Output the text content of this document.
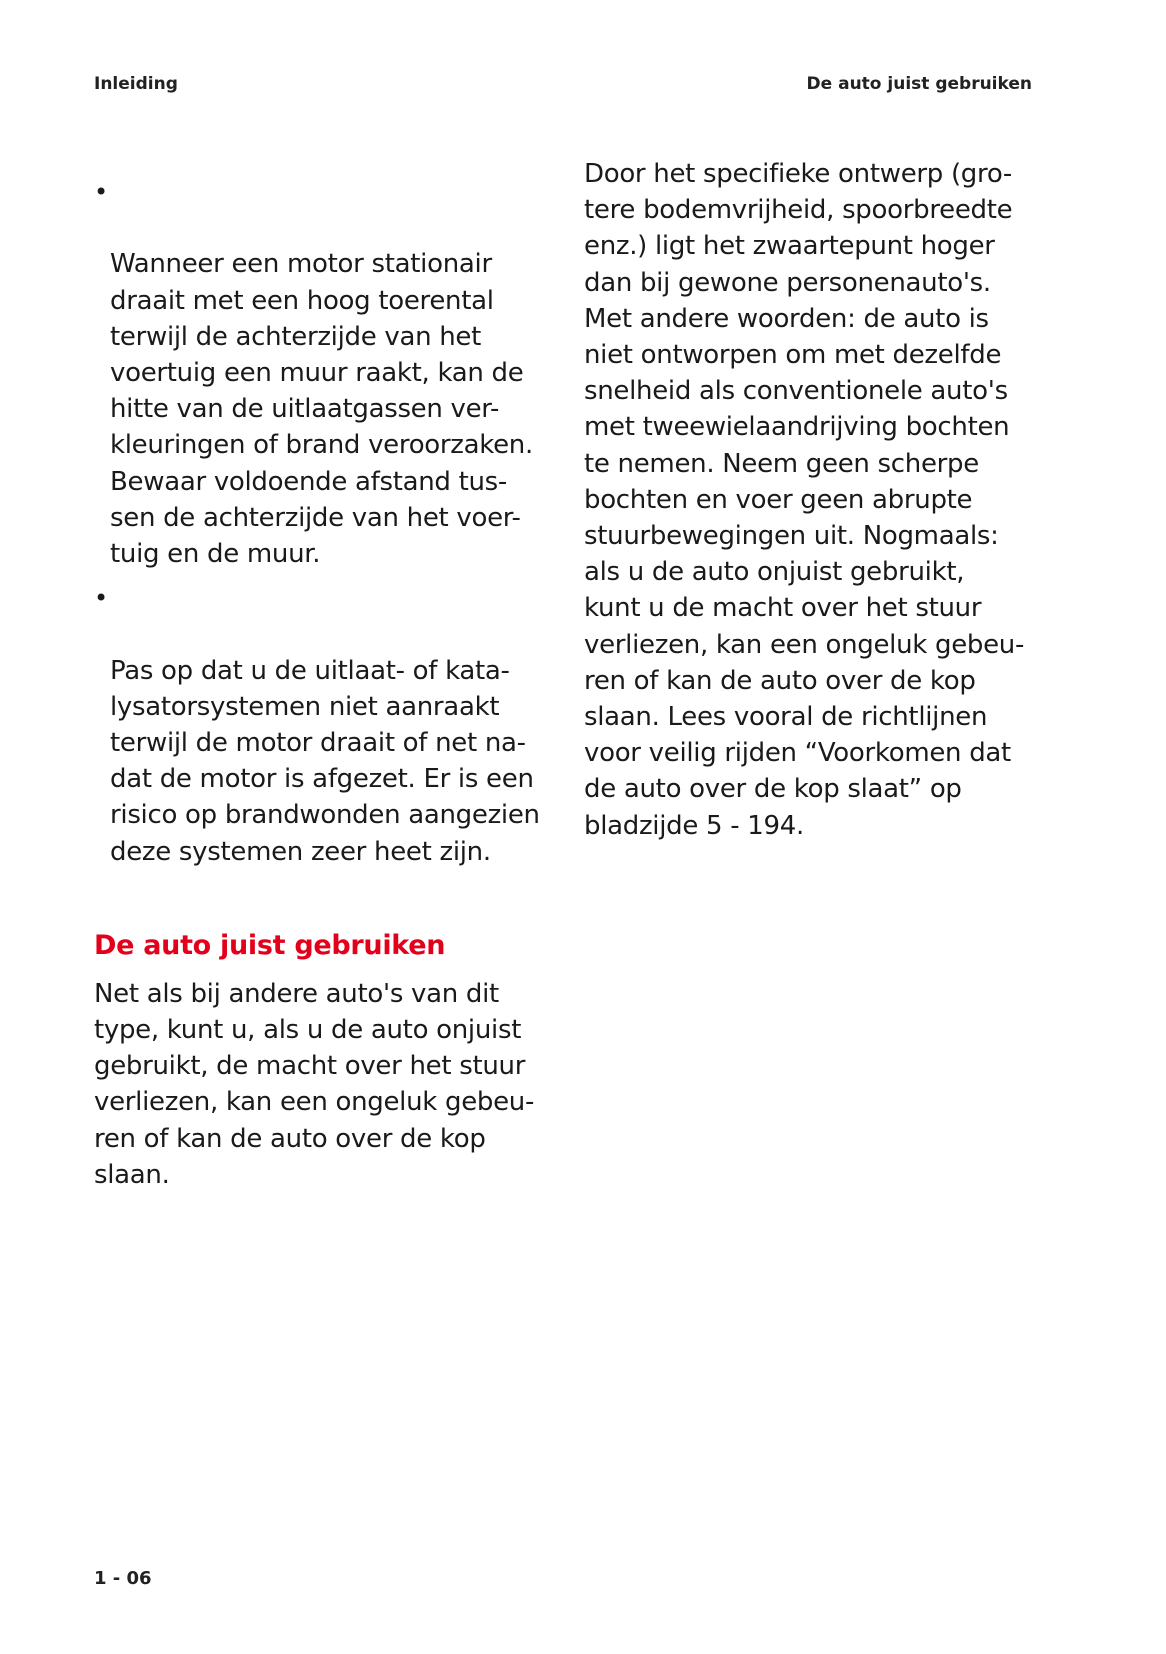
Inleiding	De auto juist gebruiken

•

Wanneer een motor stationair
draait met een hoog toerental
terwijl de achterzijde van het
voertuig een muur raakt, kan de
hitte van de uitlaatgassen ver-
kleuringen of brand veroorzaken.
Bewaar voldoende afstand tus-
sen de achterzijde van het voer-
tuig en de muur.

•

Pas op dat u de uitlaat- of kata-
lysatorsystemen niet aanraakt
terwijl de motor draait of net na-
dat de motor is afgezet. Er is een
risico op brandwonden aangezien
deze systemen zeer heet zijn.

De auto juist gebruiken

Net als bij andere auto's van dit
type, kunt u, als u de auto onjuist
gebruikt, de macht over het stuur
verliezen, kan een ongeluk gebeu-
ren of kan de auto over de kop
slaan.

Door het specifieke ontwerp (gro-
tere bodemvrijheid, spoorbreedte
enz.) ligt het zwaartepunt hoger
dan bij gewone personenauto's.
Met andere woorden: de auto is
niet ontworpen om met dezelfde
snelheid als conventionele auto's
met tweewielaandrijving bochten
te nemen. Neem geen scherpe
bochten en voer geen abrupte
stuurbewegingen uit. Nogmaals:
als u de auto onjuist gebruikt,
kunt u de macht over het stuur
verliezen, kan een ongeluk gebeu-
ren of kan de auto over de kop
slaan. Lees vooral de richtlijnen
voor veilig rijden “Voorkomen dat
de auto over de kop slaat” op
bladzijde 5 - 194.

1 - 06
